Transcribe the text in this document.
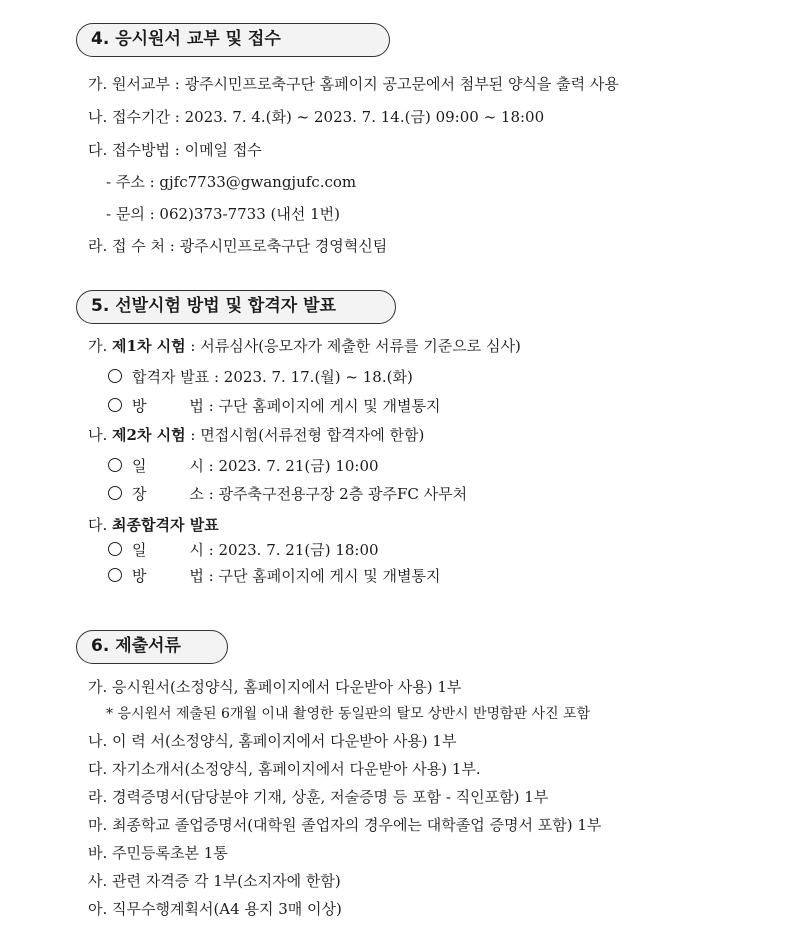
4. 응시원서 교부 및 접수
가. 원서교부 : 광주시민프로축구단 홈페이지 공고문에서 첨부된 양식을 출력 사용
나. 접수기간 : 2023. 7. 4.(화) ~ 2023. 7. 14.(금) 09:00 ~ 18:00
다. 접수방법 : 이메일 접수
- 주소 : gjfc7733@gwangjufc.com
- 문의 : 062)373-7733 (내선 1번)
라. 접 수 처 : 광주시민프로축구단 경영혁신팀
5. 선발시험 방법 및 합격자 발표
가. 제1차 시험 : 서류심사(응모자가 제출한 서류를 기준으로 심사)
합격자 발표 : 2023. 7. 17.(월) ~ 18.(화)
방         법 : 구단 홈페이지에 게시 및 개별통지
나. 제2차 시험 : 면접시험(서류전형 합격자에 한함)
일         시 : 2023. 7. 21(금) 10:00
장         소 : 광주축구전용구장 2층 광주FC 사무처
다. 최종합격자 발표
일         시 : 2023. 7. 21(금) 18:00
방         법 : 구단 홈페이지에 게시 및 개별통지
6. 제출서류
가. 응시원서(소정양식, 홈페이지에서 다운받아 사용) 1부
* 응시원서 제출된 6개월 이내 촬영한 동일판의 탈모 상반시 반명함판 사진 포함
나. 이 력 서(소정양식, 홈페이지에서 다운받아 사용) 1부
다. 자기소개서(소정양식, 홈페이지에서 다운받아 사용) 1부.
라. 경력증명서(담당분야 기재, 상훈, 저술증명 등 포함 - 직인포함) 1부
마. 최종학교 졸업증명서(대학원 졸업자의 경우에는 대학졸업 증명서 포함) 1부
바. 주민등록초본 1통
사. 관련 자격증 각 1부(소지자에 한함)
아. 직무수행계획서(A4 용지 3매 이상)
